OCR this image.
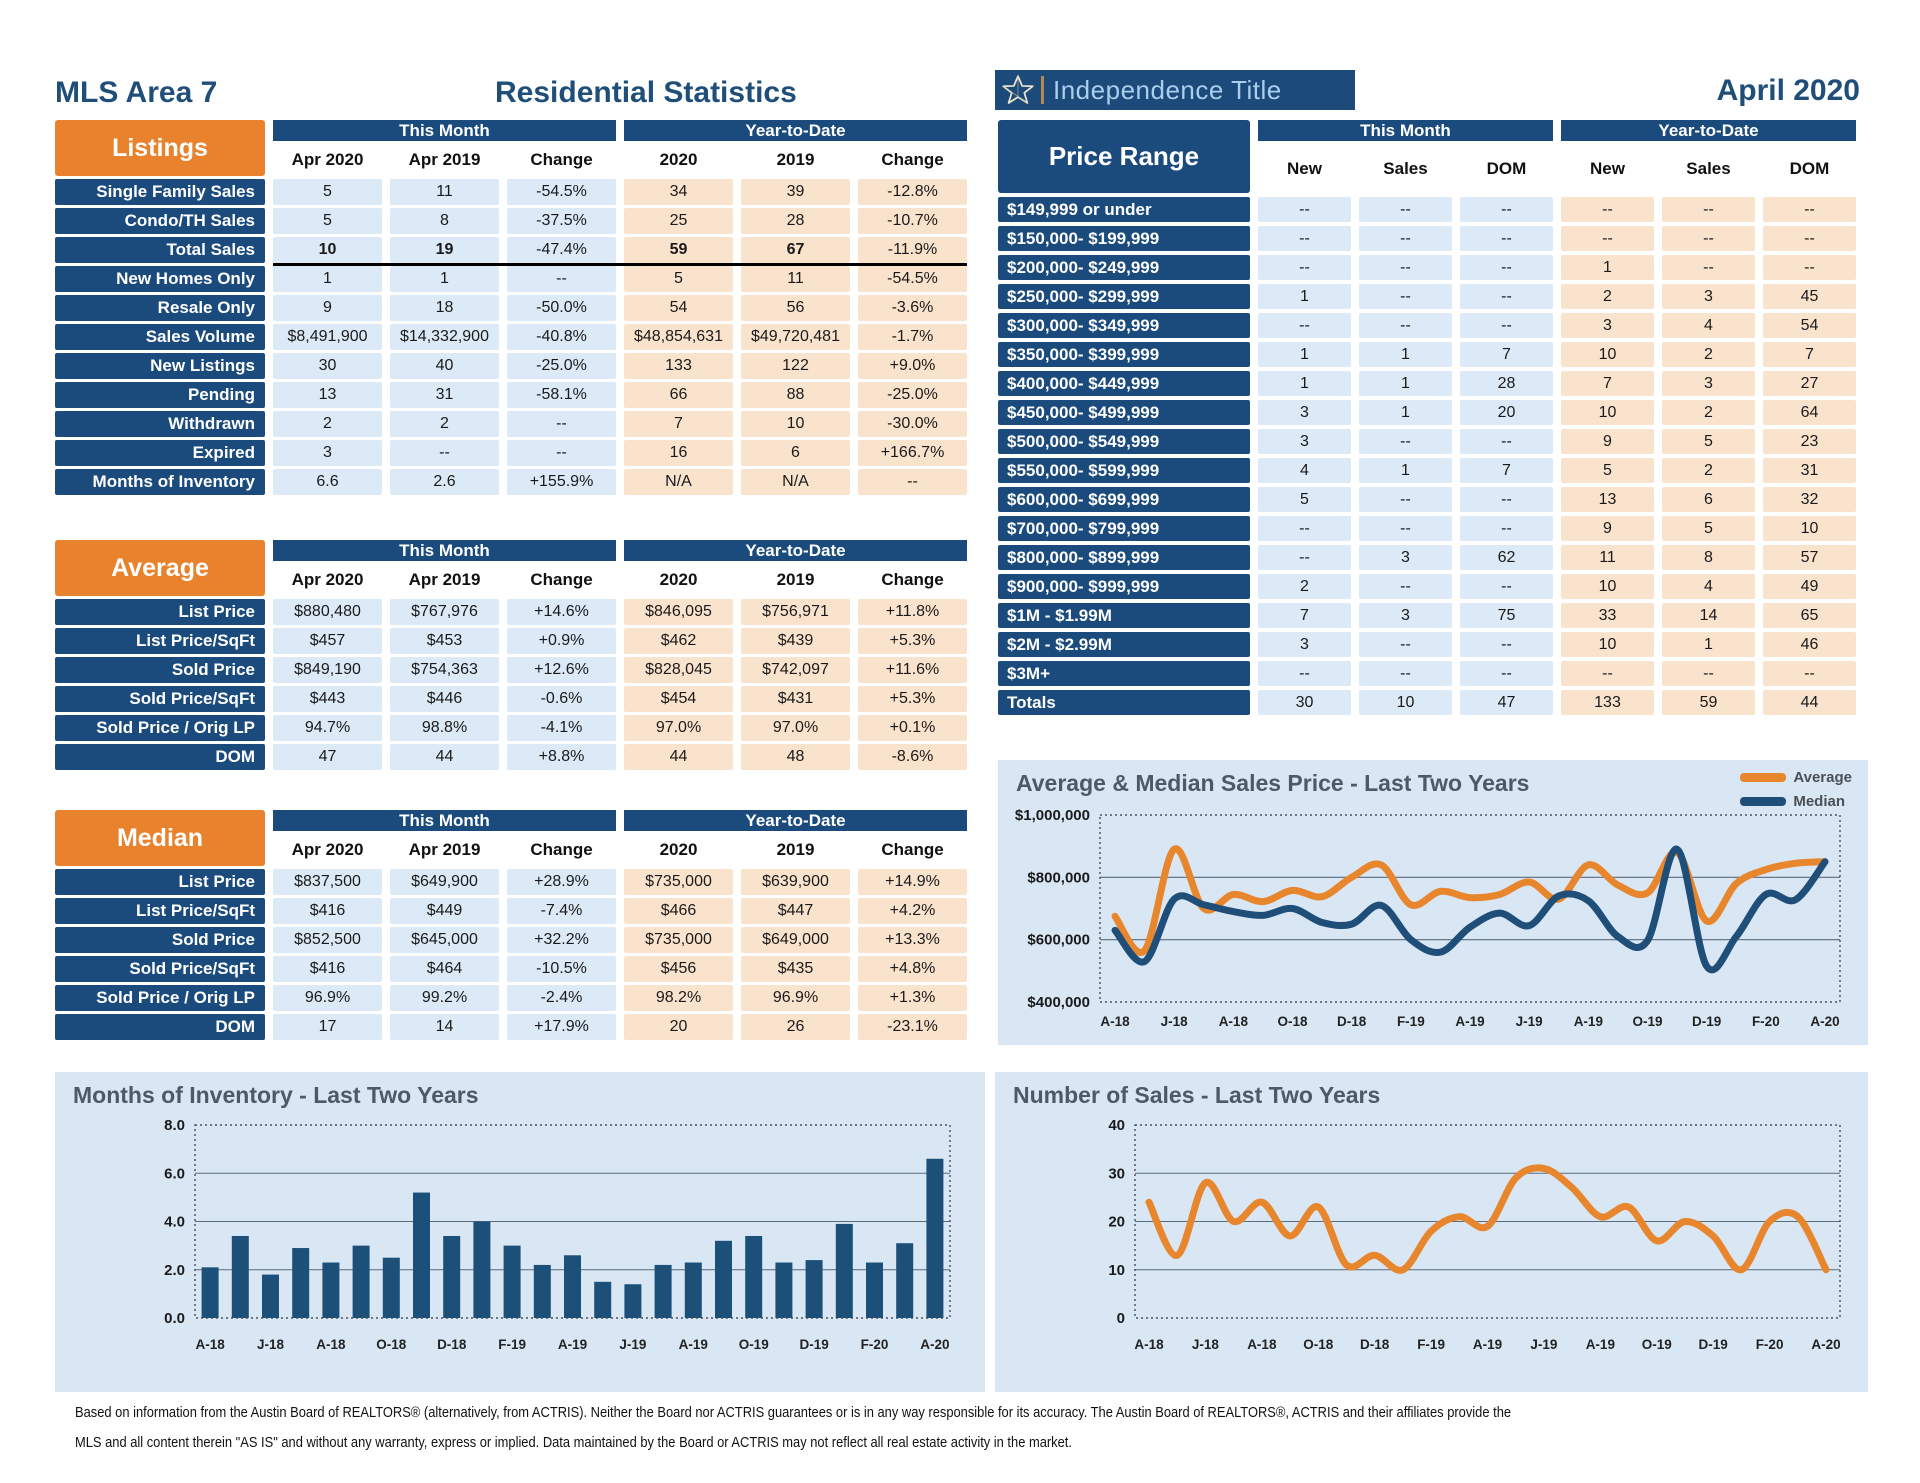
MLS Area 7	Residential Statistics	Independence Title	April 2020
Listings
This Month	Year-to-Date
Apr 2020	Apr 2019	Change	2020	2019	Change
Single Family Sales	5	11	-54.5%	34	39	-12.8%
Condo/TH Sales	5	8	-37.5%	25	28	-10.7%
Total Sales	10	19	-47.4%	59	67	-11.9%
New Homes Only	1	1	--	5	11	-54.5%
Resale Only	9	18	-50.0%	54	56	-3.6%
Sales Volume	$8,491,900	$14,332,900	-40.8%	$48,854,631	$49,720,481	-1.7%
New Listings	30	40	-25.0%	133	122	+9.0%
Pending	13	31	-58.1%	66	88	-25.0%
Withdrawn	2	2	--	7	10	-30.0%
Expired	3	--	--	16	6	+166.7%
Months of Inventory	6.6	2.6	+155.9%	N/A	N/A	--
Average
This Month	Year-to-Date
Apr 2020	Apr 2019	Change	2020	2019	Change
List Price	$880,480	$767,976	+14.6%	$846,095	$756,971	+11.8%
List Price/SqFt	$457	$453	+0.9%	$462	$439	+5.3%
Sold Price	$849,190	$754,363	+12.6%	$828,045	$742,097	+11.6%
Sold Price/SqFt	$443	$446	-0.6%	$454	$431	+5.3%
Sold Price / Orig LP	94.7%	98.8%	-4.1%	97.0%	97.0%	+0.1%
DOM	47	44	+8.8%	44	48	-8.6%
Median
This Month	Year-to-Date
Apr 2020	Apr 2019	Change	2020	2019	Change
List Price	$837,500	$649,900	+28.9%	$735,000	$639,900	+14.9%
List Price/SqFt	$416	$449	-7.4%	$466	$447	+4.2%
Sold Price	$852,500	$645,000	+32.2%	$735,000	$649,000	+13.3%
Sold Price/SqFt	$416	$464	-10.5%	$456	$435	+4.8%
Sold Price / Orig LP	96.9%	99.2%	-2.4%	98.2%	96.9%	+1.3%
DOM	17	14	+17.9%	20	26	-23.1%
Price Range
This Month	Year-to-Date
New	Sales	DOM	New	Sales	DOM
$149,999 or under	--	--	--	--	--	--
$150,000- $199,999	--	--	--	--	--	--
$200,000- $249,999	--	--	--	1	--	--
$250,000- $299,999	1	--	--	2	3	45
$300,000- $349,999	--	--	--	3	4	54
$350,000- $399,999	1	1	7	10	2	7
$400,000- $449,999	1	1	28	7	3	27
$450,000- $499,999	3	1	20	10	2	64
$500,000- $549,999	3	--	--	9	5	23
$550,000- $599,999	4	1	7	5	2	31
$600,000- $699,999	5	--	--	13	6	32
$700,000- $799,999	--	--	--	9	5	10
$800,000- $899,999	--	3	62	11	8	57
$900,000- $999,999	2	--	--	10	4	49
$1M - $1.99M	7	3	75	33	14	65
$2M - $2.99M	3	--	--	10	1	46
$3M+	--	--	--	--	--	--
Totals	30	10	47	133	59	44
Average & Median Sales Price - Last Two Years	Average
Median
$400,000
$600,000
$800,000
$1,000,000
A-18 J-18 A-18 O-18 D-18 F-19 A-19 J-19 A-19 O-19 D-19 F-20 A-20
Months of Inventory - Last Two Years
0.0
2.0
4.0
6.0
8.0
A-18 J-18 A-18 O-18 D-18 F-19 A-19 J-19 A-19 O-19 D-19 F-20 A-20
Number of Sales - Last Two Years
0
10
20
30
40
A-18 J-18 A-18 O-18 D-18 F-19 A-19 J-19 A-19 O-19 D-19 F-20 A-20
Based on information from the Austin Board of REALTORS® (alternatively, from ACTRIS). Neither the Board nor ACTRIS guarantees or is in any way responsible for its accuracy. The Austin Board of REALTORS®, ACTRIS and their affiliates provide the
MLS and all content therein "AS IS" and without any warranty, express or implied. Data maintained by the Board or ACTRIS may not reflect all real estate activity in the market.
